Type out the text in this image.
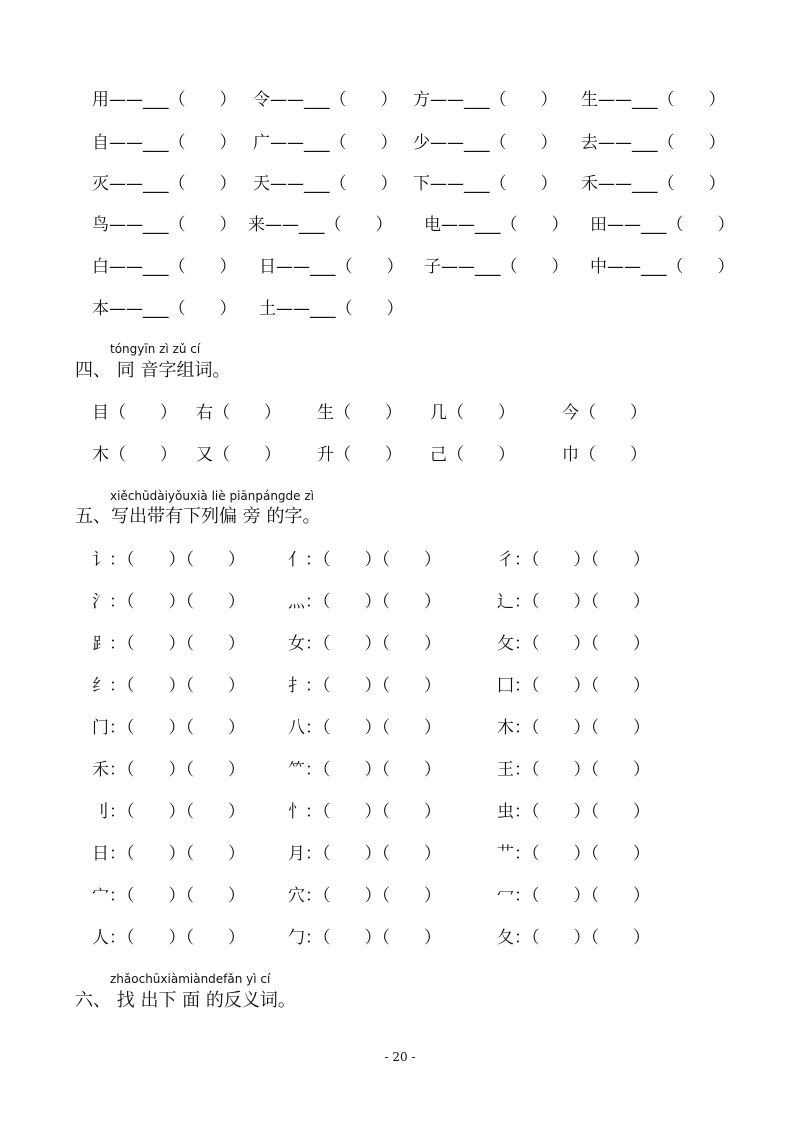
用——___（　　） 令——___（　　） 方——___（　　） 生——___（　　）
自——___（　　） 广——___（　　） 少——___（　　） 去——___（　　）
灭——___（　　） 天——___（　　） 下——___（　　） 禾——___（　　）
鸟——___（　　） 来——___（　　） 电——___（　　） 田——___（　　）
白——___（　　） 日——___（　　） 子——___（　　） 中——___（　　）
本——___（　　） 土——___（　　）
tóngyīn zì zǔ cí
四、 同 音字组词。
目（　　） 右（　　） 生（　　） 几（　　）	今（　　）
木（　　） 又（　　） 升（　　） 己（　　）	巾（　　）
xiěchūdàiyǒuxià liè piānpángde zì
五、写出带有下列偏 旁 的字。
讠：（　　）（　　）	亻：（　　）（　　）	彳：（　　）（　　）
氵：（　　）（　　）	灬：（　　）（　　）	辶：（　　）（　　）
⻊：（　　）（　　）	女：（　　）（　　）	攵：（　　）（　　）
纟：（　　）（　　）	扌：（　　）（　　）	囗：（　　）（　　）
门：（　　）（　　）	八：（　　）（　　）	木：（　　）（　　）
禾：（　　）（　　）	⺮：（　　）（　　）	王：（　　）（　　）
刂：（　　）（　　）	忄：（　　）（　　）	虫：（　　）（　　）
日：（　　）（　　）	月：（　　）（　　）	艹：（　　）（　　）
宀：（　　）（　　）	穴：（　　）（　　）	冖：（　　）（　　）
人：（　　）（　　）	勹：（　　）（　　）	夂：（　　）（　　）
zhǎochūxiàmiàndefǎn yì cí
六、 找 出下 面 的反义词。
- 20 -
